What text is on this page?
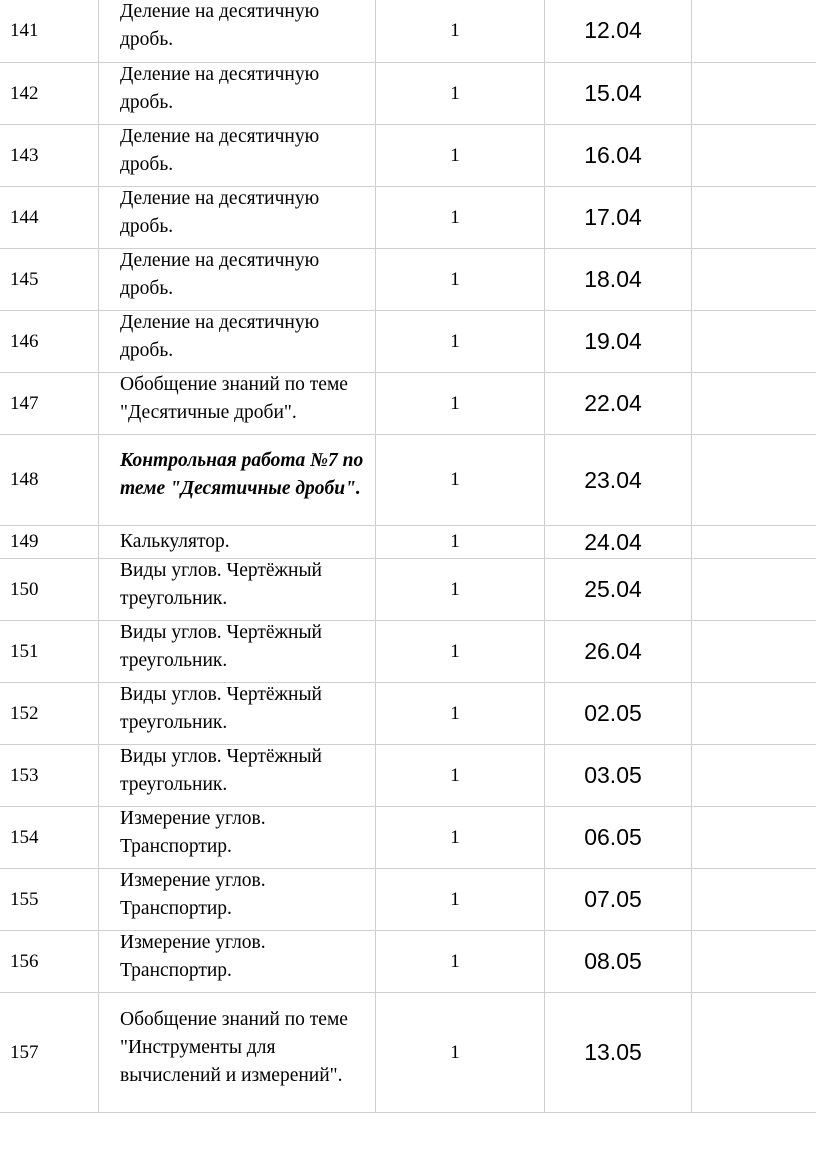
141	Деление на десятичную дробь.	1	12.04	
142	Деление на десятичную дробь.	1	15.04	
143	Деление на десятичную дробь.	1	16.04	
144	Деление на десятичную дробь.	1	17.04	
145	Деление на десятичную дробь.	1	18.04	
146	Деление на десятичную дробь.	1	19.04	
147	Обобщение знаний по теме "Десятичные дроби".	1	22.04	
148	Контрольная работа №7 по теме "Десятичные дроби".	1	23.04	
149	Калькулятор.	1	24.04	
150	Виды углов. Чертёжный треугольник.	1	25.04	
151	Виды углов. Чертёжный треугольник.	1	26.04	
152	Виды углов. Чертёжный треугольник.	1	02.05	
153	Виды углов. Чертёжный треугольник.	1	03.05	
154	Измерение углов. Транспортир.	1	06.05	
155	Измерение углов. Транспортир.	1	07.05	
156	Измерение углов. Транспортир.	1	08.05	
157	Обобщение знаний по теме "Инструменты для вычислений и измерений".	1	13.05	
